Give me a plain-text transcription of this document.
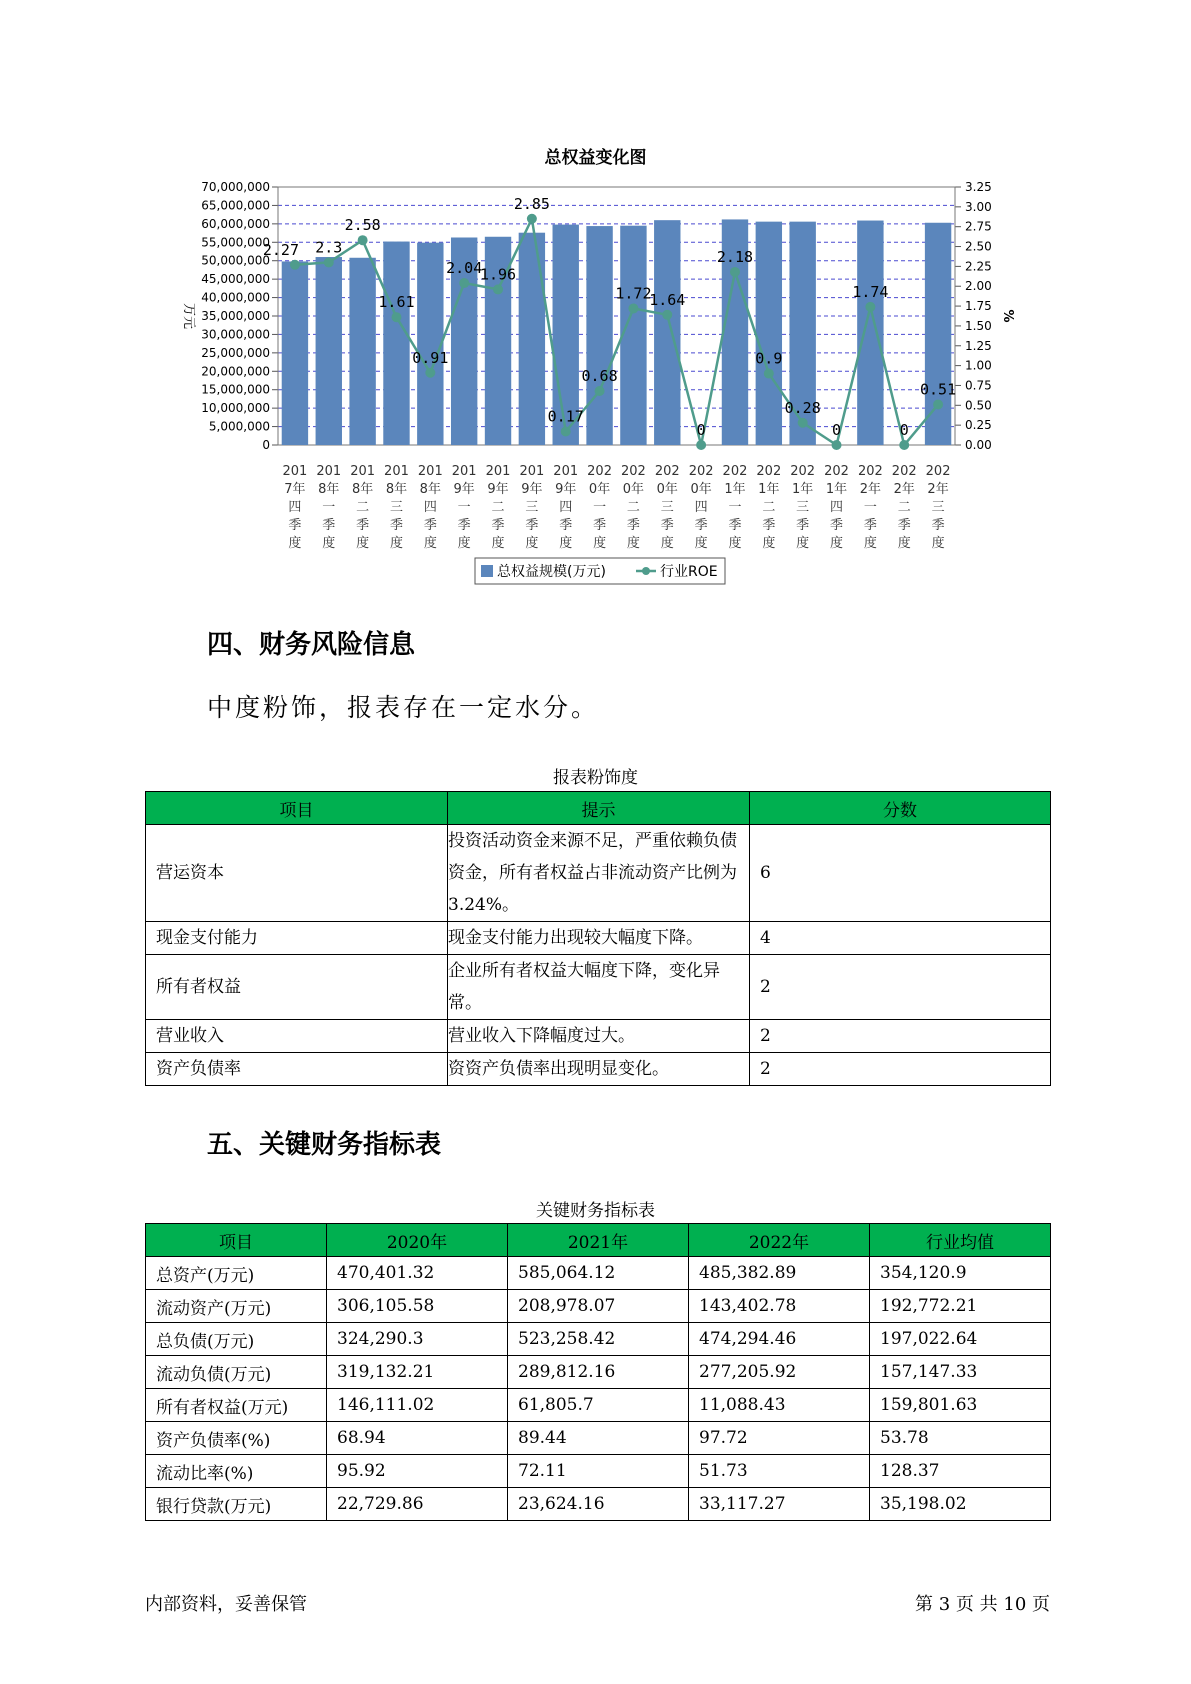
总权益变化图
0
5,000,000
10,000,000
15,000,000
20,000,000
25,000,000
30,000,000
35,000,000
40,000,000
45,000,000
50,000,000
55,000,000
60,000,000
65,000,000
70,000,000
0.00
0.25
0.50
0.75
1.00
1.25
1.50
1.75
2.00
2.25
2.50
2.75
3.00
3.25
万元	%
2.27 2.3
2.58
1.61
0.91
2.04
1.96
2.85
0.17
0.68
1.72
1.64
0
2.18
0.9
0.28
0
1.74
0
0.51
201
7年
四
季
度
201
8年
一
季
度
201
8年
二
季
度
201
8年
三
季
度
201
8年
四
季
度
201
9年
一
季
度
201
9年
二
季
度
201
9年
三
季
度
201
9年
四
季
度
202
0年
一
季
度
202
0年
二
季
度
202
0年
三
季
度
202
0年
四
季
度
202
1年
一
季
度
202
1年
二
季
度
202
1年
三
季
度
202
1年
四
季
度
202
2年
一
季
度
202
2年
二
季
度
202
2年
三
季
度
总权益规模(万元)	行业ROE
四、财务风险信息
中度粉饰，报表存在一定水分。
报表粉饰度
项目	提示	分数
营运资本	投资活动资金来源不足，严重依赖负债资金，所有者权益占非流动资产比例为3.24%。	6
现金支付能力	现金支付能力出现较大幅度下降。	4
所有者权益	企业所有者权益大幅度下降，变化异常。	2
营业收入	营业收入下降幅度过大。	2
资产负债率	资资产负债率出现明显变化。	2
五、关键财务指标表
关键财务指标表
项目	2020年	2021年	2022年	行业均值
总资产(万元)	470,401.32	585,064.12	485,382.89	354,120.9
流动资产(万元)	306,105.58	208,978.07	143,402.78	192,772.21
总负债(万元)	324,290.3	523,258.42	474,294.46	197,022.64
流动负债(万元)	319,132.21	289,812.16	277,205.92	157,147.33
所有者权益(万元)	146,111.02	61,805.7	11,088.43	159,801.63
资产负债率(%)	68.94	89.44	97.72	53.78
流动比率(%)	95.92	72.11	51.73	128.37
银行贷款(万元)	22,729.86	23,624.16	33,117.27	35,198.02
内部资料，妥善保管	第 3 页 共 10 页
